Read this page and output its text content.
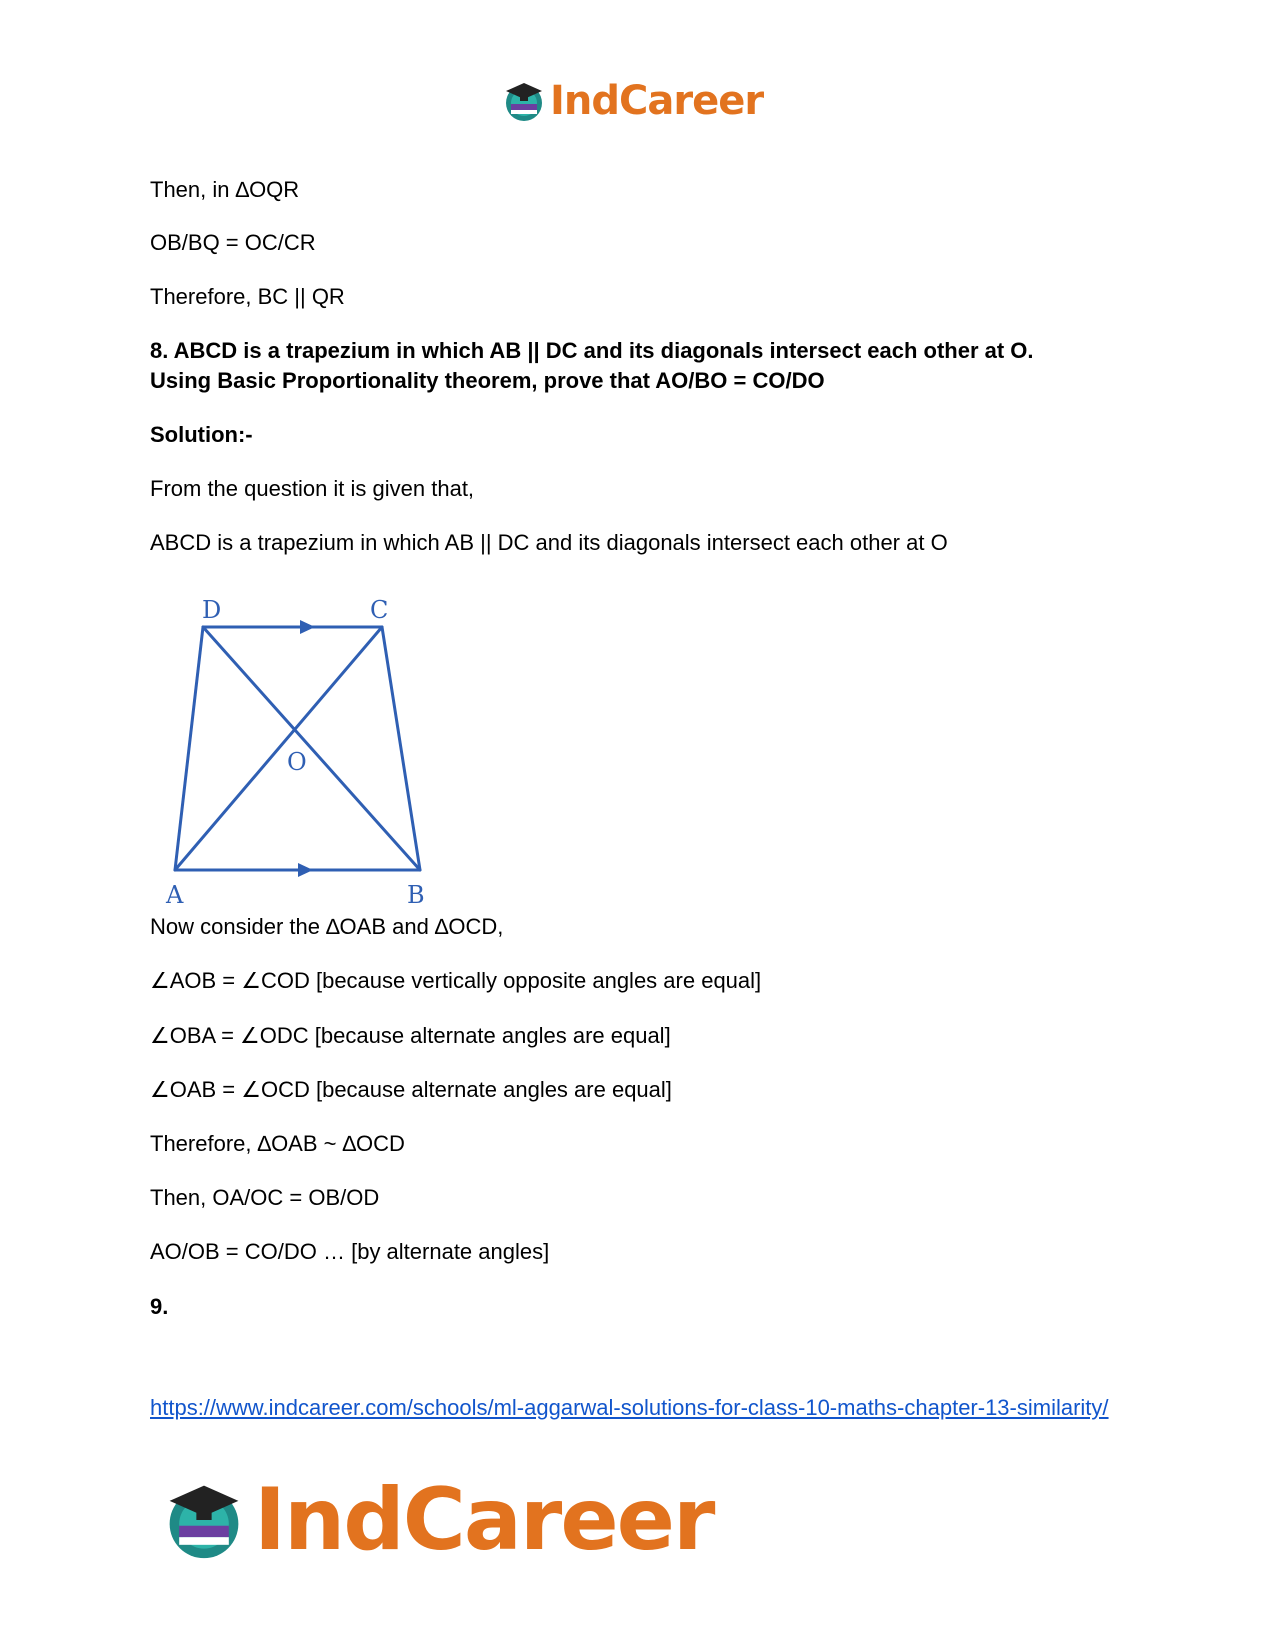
IndCareer
Then, in ∆OQR
OB/BQ = OC/CR
Therefore, BC || QR
8. ABCD is a trapezium in which AB || DC and its diagonals intersect each other at O.
Using Basic Proportionality theorem, prove that AO/BO = CO/DO
Solution:-
From the question it is given that,
ABCD is a trapezium in which AB || DC and its diagonals intersect each other at O
D	C
O
A	B
Now consider the ∆OAB and ∆OCD,
∠AOB = ∠COD [because vertically opposite angles are equal]
∠OBA = ∠ODC [because alternate angles are equal]
∠OAB = ∠OCD [because alternate angles are equal]
Therefore, ∆OAB ~ ∆OCD
Then, OA/OC = OB/OD
AO/OB = CO/DO … [by alternate angles]
9.
https://www.indcareer.com/schools/ml-aggarwal-solutions-for-class-10-maths-chapter-13-similarity/
IndCareer
